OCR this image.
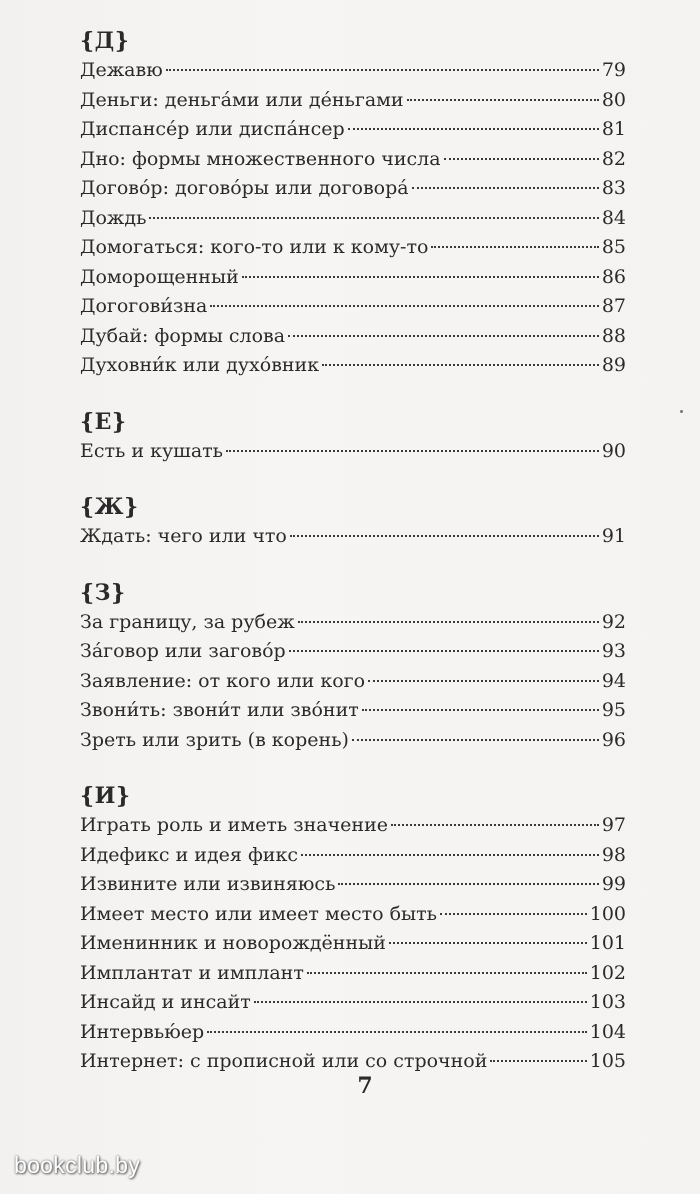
{Д}
Дежавю	79
Деньги: деньга́ми или де́ньгами	80
Диспансе́р или диспа́нсер	81
Дно: формы множественного числа	82
Догово́р: догово́ры или договора́	83
Дождь	84
Домогаться: кого-то или к кому-то	85
Доморощенный	86
Догогови́зна	87
Дубай: формы слова	88
Духовни́к или духо́вник	89
{Е}
Есть и кушать	90
{Ж}
Ждать: чего или что	91
{З}
За границу, за рубеж	92
За́говор или загово́р	93
Заявление: от кого или кого	94
Звони́ть: звони́т или зво́нит	95
Зреть или зрить (в корень)	96
{И}
Играть роль и иметь значение	97
Идефикс и идея фикс	98
Извините или извиняюсь	99
Имеет место или имеет место быть	100
Именинник и новорождённый	101
Имплантат и имплант	102
Инсайд и инсайт	103
Интервью́ер	104
Интернет: с прописной или со строчной	105
7
bookclub.by
